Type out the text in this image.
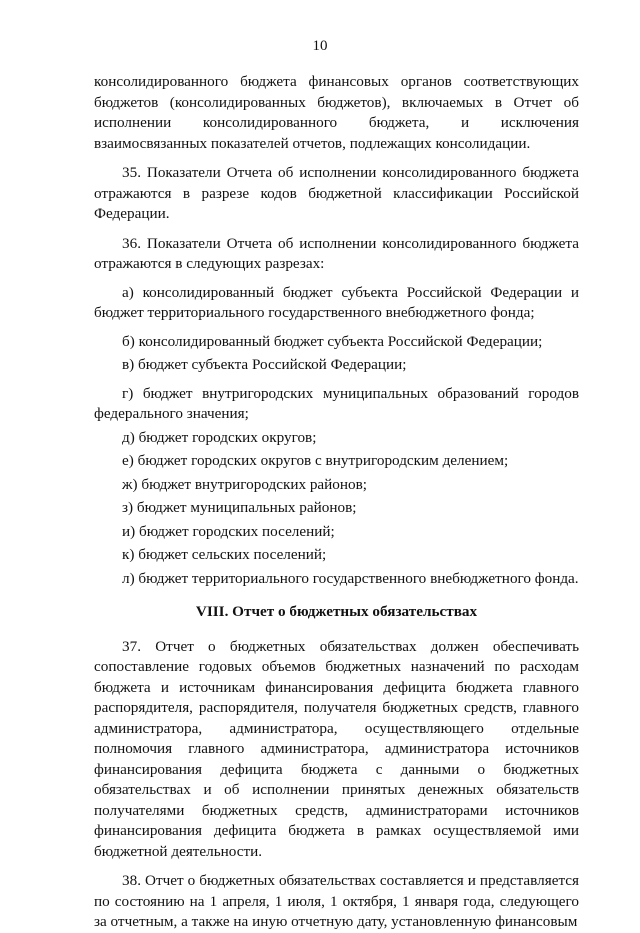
10

консолидированного бюджета финансовых органов соответствующих бюджетов (консолидированных бюджетов), включаемых в Отчет об исполнении консолидированного бюджета, и исключения взаимосвязанных показателей отчетов, подлежащих консолидации.

35. Показатели Отчета об исполнении консолидированного бюджета отражаются в разрезе кодов бюджетной классификации Российской Федерации.

36. Показатели Отчета об исполнении консолидированного бюджета отражаются в следующих разрезах:

а) консолидированный бюджет субъекта Российской Федерации и бюджет территориального государственного внебюджетного фонда;

б) консолидированный бюджет субъекта Российской Федерации;

в) бюджет субъекта Российской Федерации;

г) бюджет внутригородских муниципальных образований городов федерального значения;

д) бюджет городских округов;

е) бюджет городских округов с внутригородским делением;

ж) бюджет внутригородских районов;

з) бюджет муниципальных районов;

и) бюджет городских поселений;

к) бюджет сельских поселений;

л) бюджет территориального государственного внебюджетного фонда.

VIII. Отчет о бюджетных обязательствах

37. Отчет о бюджетных обязательствах должен обеспечивать сопоставление годовых объемов бюджетных назначений по расходам бюджета и источникам финансирования дефицита бюджета главного распорядителя, распорядителя, получателя бюджетных средств, главного администратора, администратора, осуществляющего отдельные полномочия главного администратора, администратора источников финансирования дефицита бюджета с данными о бюджетных обязательствах и об исполнении принятых денежных обязательств получателями бюджетных средств, администраторами источников финансирования дефицита бюджета в рамках осуществляемой ими бюджетной деятельности.

38. Отчет о бюджетных обязательствах составляется и представляется по состоянию на 1 апреля, 1 июля, 1 октября, 1 января года, следующего за отчетным, а также на иную отчетную дату, установленную финансовым
